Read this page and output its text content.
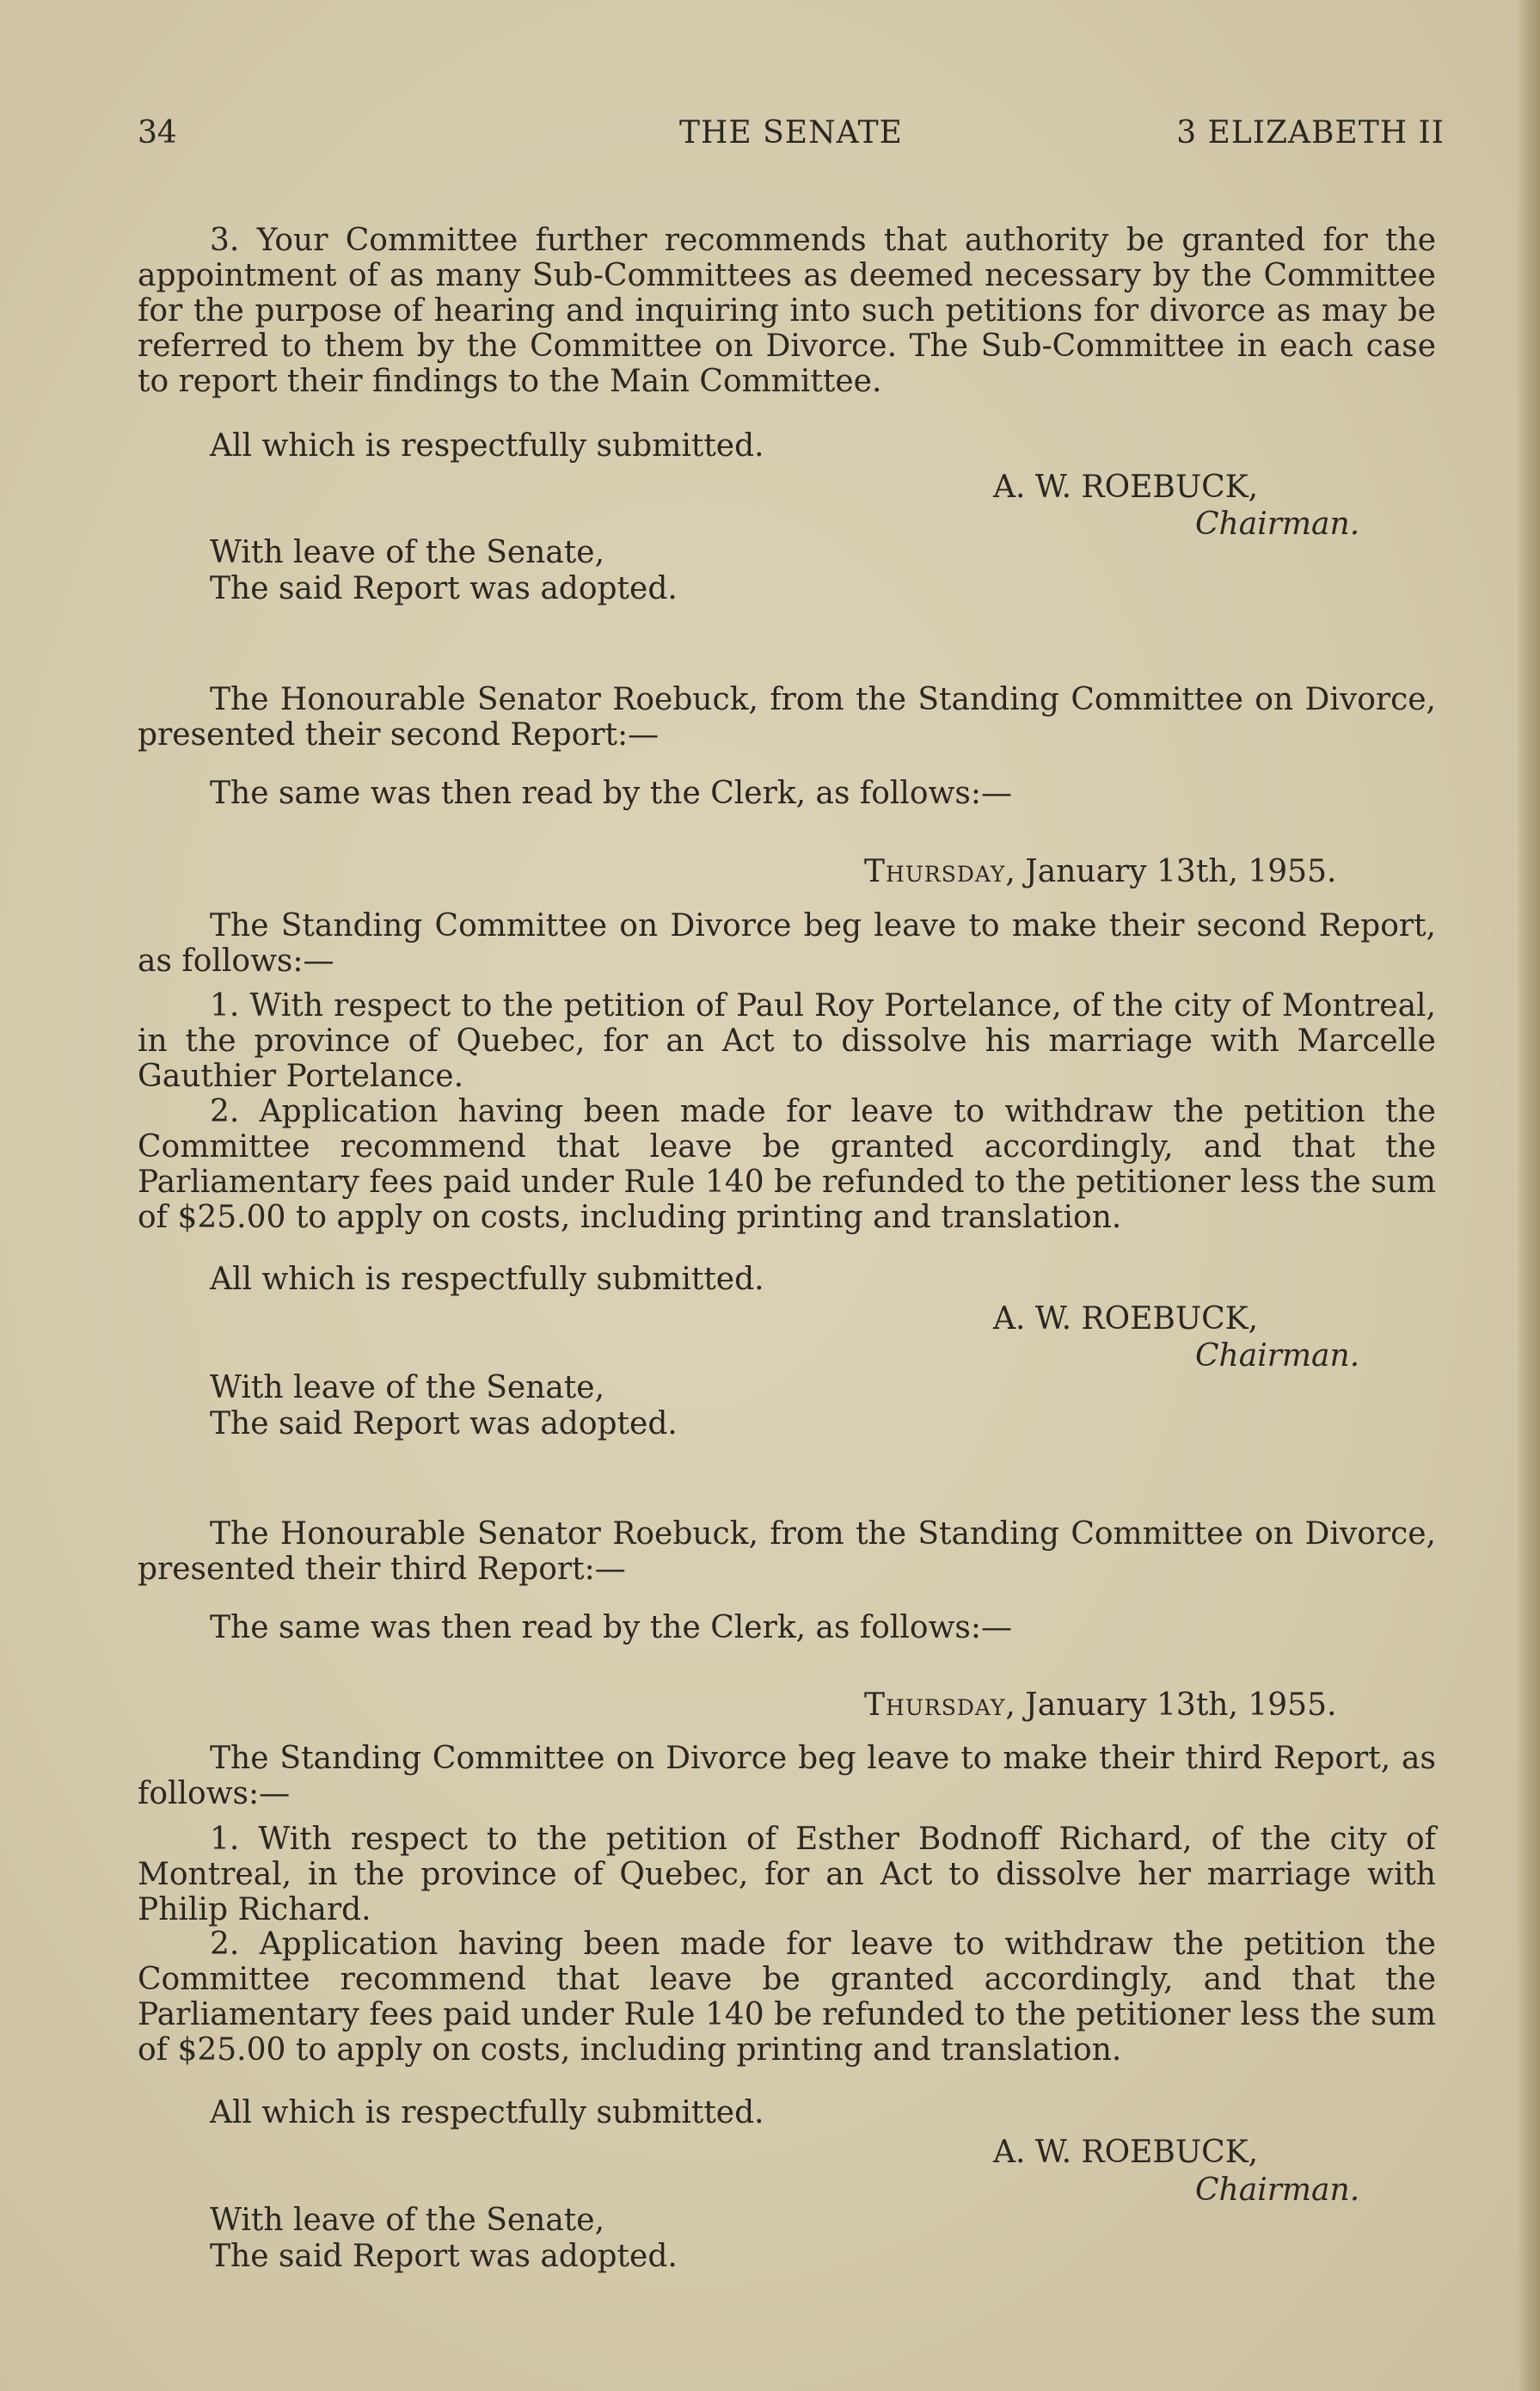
34	THE SENATE	3 ELIZABETH II

3. Your Committee further recommends that authority be granted for the appointment of as many Sub-Committees as deemed necessary by the Committee for the purpose of hearing and inquiring into such petitions for divorce as may be referred to them by the Committee on Divorce. The Sub-Committee in each case to report their findings to the Main Committee.

All which is respectfully submitted.
A. W. ROEBUCK,
Chairman.
With leave of the Senate,
The said Report was adopted.

The Honourable Senator Roebuck, from the Standing Committee on Divorce, presented their second Report:—

The same was then read by the Clerk, as follows:—
Thursday, January 13th, 1955.

The Standing Committee on Divorce beg leave to make their second Report, as follows:—

1. With respect to the petition of Paul Roy Portelance, of the city of Montreal, in the province of Quebec, for an Act to dissolve his marriage with Marcelle Gauthier Portelance.

2. Application having been made for leave to withdraw the petition the Committee recommend that leave be granted accordingly, and that the Parliamentary fees paid under Rule 140 be refunded to the petitioner less the sum of $25.00 to apply on costs, including printing and translation.

All which is respectfully submitted.
A. W. ROEBUCK,
Chairman.
With leave of the Senate,
The said Report was adopted.

The Honourable Senator Roebuck, from the Standing Committee on Divorce, presented their third Report:—

The same was then read by the Clerk, as follows:—
Thursday, January 13th, 1955.

The Standing Committee on Divorce beg leave to make their third Report, as follows:—

1. With respect to the petition of Esther Bodnoff Richard, of the city of Montreal, in the province of Quebec, for an Act to dissolve her marriage with Philip Richard.

2. Application having been made for leave to withdraw the petition the Committee recommend that leave be granted accordingly, and that the Parliamentary fees paid under Rule 140 be refunded to the petitioner less the sum of $25.00 to apply on costs, including printing and translation.

All which is respectfully submitted.
A. W. ROEBUCK,
Chairman.
With leave of the Senate,
The said Report was adopted.
